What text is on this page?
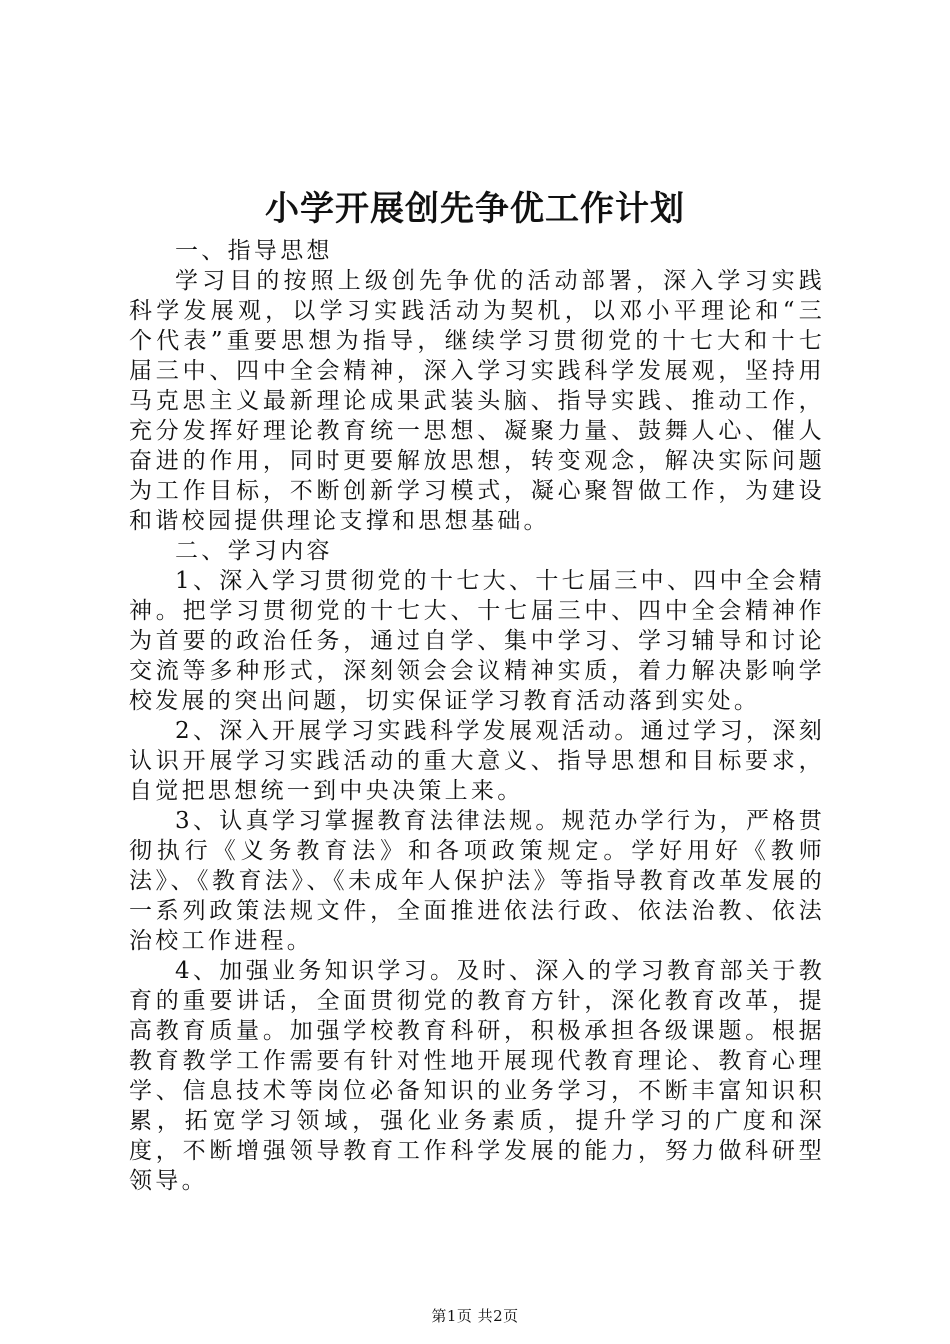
小学开展创先争优工作计划

一、指导思想

学习目的按照上级创先争优的活动部署，深入学习实践科学发展观，以学习实践活动为契机，以邓小平理论和“三个代表”重要思想为指导，继续学习贯彻党的十七大和十七届三中、四中全会精神，深入学习实践科学发展观，坚持用马克思主义最新理论成果武装头脑、指导实践、推动工作，充分发挥好理论教育统一思想、凝聚力量、鼓舞人心、催人奋进的作用，同时更要解放思想，转变观念，解决实际问题为工作目标，不断创新学习模式，凝心聚智做工作，为建设和谐校园提供理论支撑和思想基础。

二、学习内容

1、深入学习贯彻党的十七大、十七届三中、四中全会精神。把学习贯彻党的十七大、十七届三中、四中全会精神作为首要的政治任务，通过自学、集中学习、学习辅导和讨论交流等多种形式，深刻领会会议精神实质，着力解决影响学校发展的突出问题，切实保证学习教育活动落到实处。

2、深入开展学习实践科学发展观活动。通过学习，深刻认识开展学习实践活动的重大意义、指导思想和目标要求，自觉把思想统一到中央决策上来。

3、认真学习掌握教育法律法规。规范办学行为，严格贯彻执行《义务教育法》和各项政策规定。学好用好《教师法》、《教育法》、《未成年人保护法》等指导教育改革发展的一系列政策法规文件，全面推进依法行政、依法治教、依法治校工作进程。

4、加强业务知识学习。及时、深入的学习教育部关于教育的重要讲话，全面贯彻党的教育方针，深化教育改革，提高教育质量。加强学校教育科研，积极承担各级课题。根据教育教学工作需要有针对性地开展现代教育理论、教育心理学、信息技术等岗位必备知识的业务学习，不断丰富知识积累，拓宽学习领域，强化业务素质，提升学习的广度和深度，不断增强领导教育工作科学发展的能力，努力做科研型领导。

第1页 共2页
